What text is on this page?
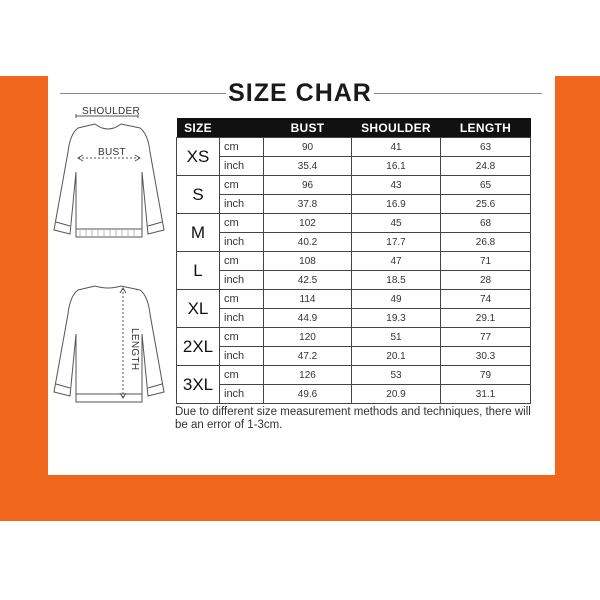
SIZE CHAR
SHOULDER
BUST
LENGTH
SIZE		BUST	SHOULDER	LENGTH
XS	cm	90	41	63
	inch	35.4	16.1	24.8
S	cm	96	43	65
	inch	37.8	16.9	25.6
M	cm	102	45	68
	inch	40.2	17.7	26.8
L	cm	108	47	71
	inch	42.5	18.5	28
XL	cm	114	49	74
	inch	44.9	19.3	29.1
2XL	cm	120	51	77
	inch	47.2	20.1	30.3
3XL	cm	126	53	79
	inch	49.6	20.9	31.1
Due to different size measurement methods and techniques, there will be an error of 1-3cm.
